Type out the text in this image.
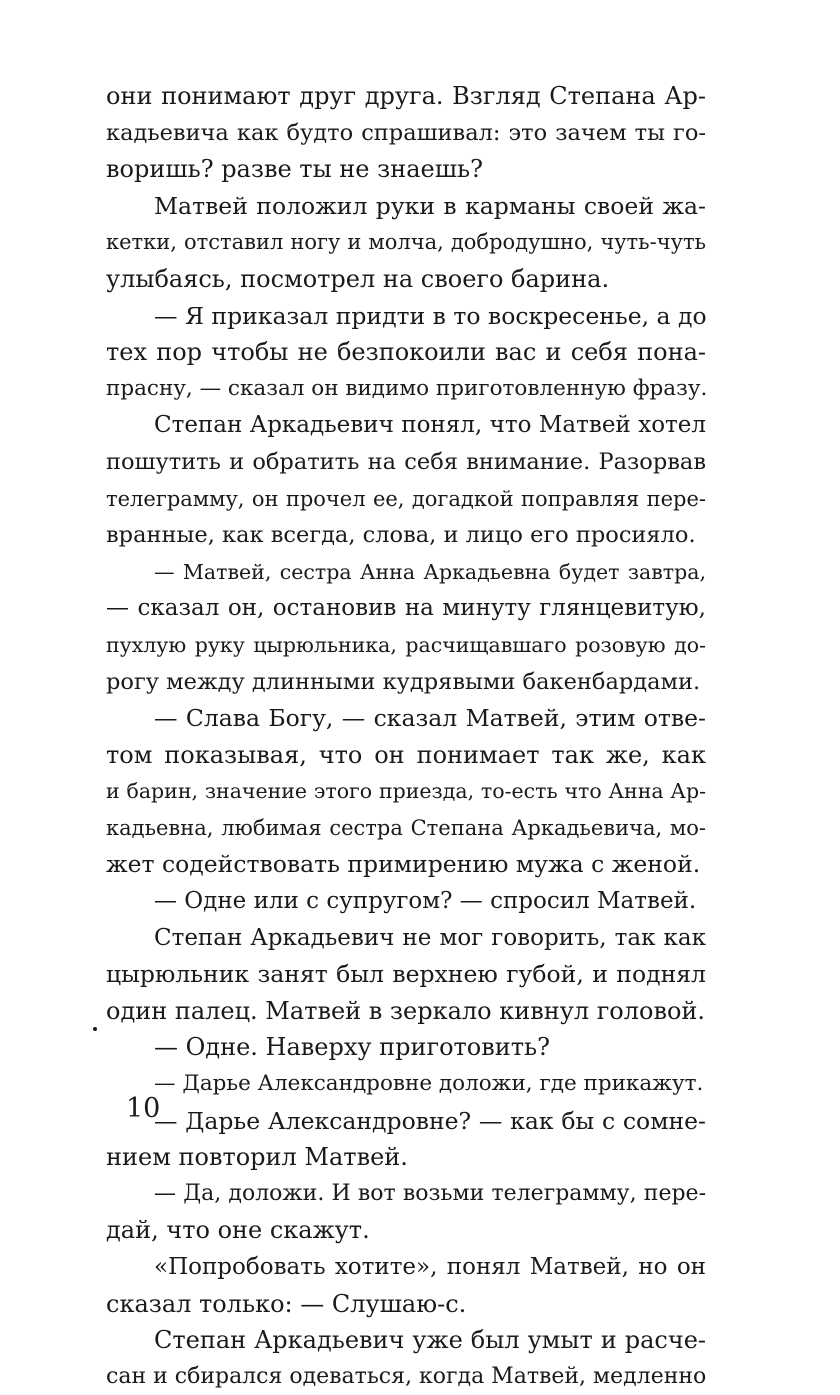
они понимают друг друга. Взгляд Степана Ар-
кадьевича как будто спрашивал: это зачем ты го-
воришь? разве ты не знаешь?
Матвей положил руки в карманы своей жа-
кетки, отставил ногу и молча, добродушно, чуть-чуть
улыбаясь, посмотрел на своего барина.
— Я приказал придти в то воскресенье, а до
тех пор чтобы не безпокоили вас и себя пона-
прасну, — сказал он видимо приготовленную фразу.
Степан Аркадьевич понял, что Матвей хотел
пошутить и обратить на себя внимание. Разорвав
телеграмму, он прочел ее, догадкой поправляя пере-
вранные, как всегда, слова, и лицо его просияло.
— Матвей, сестра Анна Аркадьевна будет завтра,
— сказал он, остановив на минуту глянцевитую,
пухлую руку цырюльника, расчищавшаго розовую до-
рогу между длинными кудрявыми бакенбардами.
— Слава Богу, — сказал Матвей, этим отве-
том показывая, что он понимает так же, как
и барин, значение этого приезда, то-есть что Анна Ар-
кадьевна, любимая сестра Степана Аркадьевича, мо-
жет содействовать примирению мужа с женой.
— Одне или с супругом? — спросил Матвей.
Степан Аркадьевич не мог говорить, так как
цырюльник занят был верхнею губой, и поднял
один палец. Матвей в зеркало кивнул головой.
— Одне. Наверху приготовить?
— Дарье Александровне доложи, где прикажут.
— Дарье Александровне? — как бы с сомне-
нием повторил Матвей.
— Да, доложи. И вот возьми телеграмму, пере-
дай, что оне скажут.
«Попробовать хотите», понял Матвей, но он
сказал только: — Слушаю-с.
Степан Аркадьевич уже был умыт и расче-
сан и сбирался одеваться, когда Матвей, медленно
10
